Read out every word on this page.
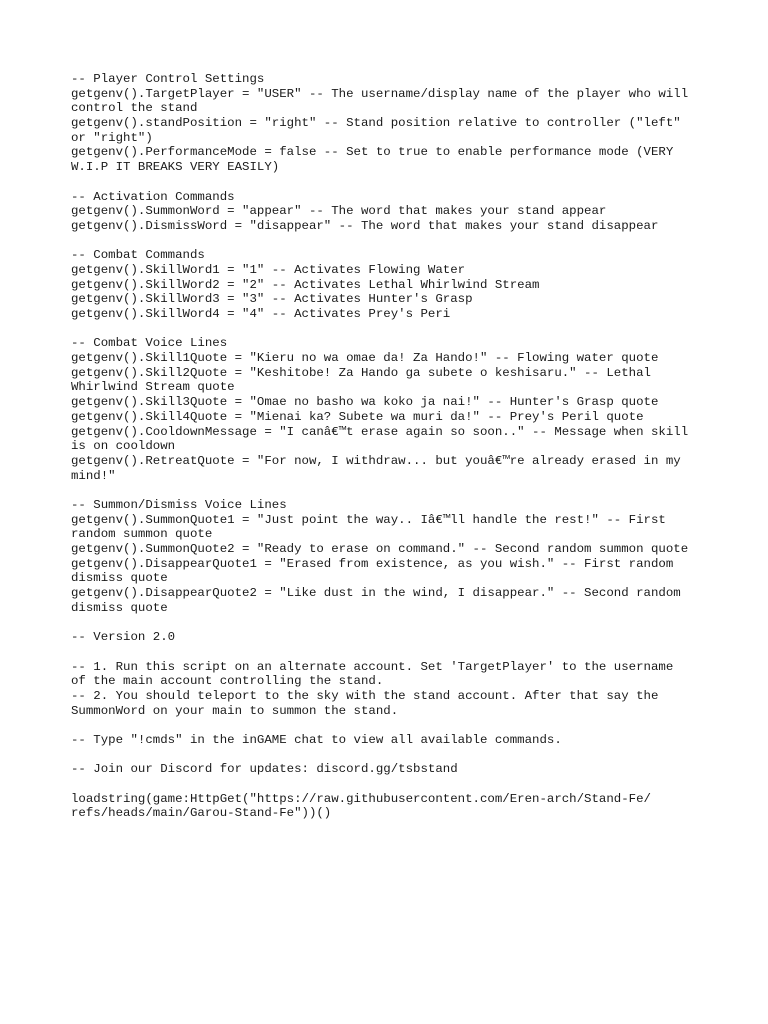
-- Player Control Settings
getgenv().TargetPlayer = "USER" -- The username/display name of the player who will
control the stand
getgenv().standPosition = "right" -- Stand position relative to controller ("left"
or "right")
getgenv().PerformanceMode = false -- Set to true to enable performance mode (VERY
W.I.P IT BREAKS VERY EASILY)
-- Activation Commands
getgenv().SummonWord = "appear" -- The word that makes your stand appear
getgenv().DismissWord = "disappear" -- The word that makes your stand disappear
-- Combat Commands
getgenv().SkillWord1 = "1" -- Activates Flowing Water
getgenv().SkillWord2 = "2" -- Activates Lethal Whirlwind Stream
getgenv().SkillWord3 = "3" -- Activates Hunter's Grasp
getgenv().SkillWord4 = "4" -- Activates Prey's Peri
-- Combat Voice Lines
getgenv().Skill1Quote = "Kieru no wa omae da! Za Hando!" -- Flowing water quote
getgenv().Skill2Quote = "Keshitobe! Za Hando ga subete o keshisaru." -- Lethal
Whirlwind Stream quote
getgenv().Skill3Quote = "Omae no basho wa koko ja nai!" -- Hunter's Grasp quote
getgenv().Skill4Quote = "Mienai ka? Subete wa muri da!" -- Prey's Peril quote
getgenv().CooldownMessage = "I canâ€™t erase again so soon.." -- Message when skill
is on cooldown
getgenv().RetreatQuote = "For now, I withdraw... but youâ€™re already erased in my
mind!"
-- Summon/Dismiss Voice Lines
getgenv().SummonQuote1 = "Just point the way.. Iâ€™ll handle the rest!" -- First
random summon quote
getgenv().SummonQuote2 = "Ready to erase on command." -- Second random summon quote
getgenv().DisappearQuote1 = "Erased from existence, as you wish." -- First random
dismiss quote
getgenv().DisappearQuote2 = "Like dust in the wind, I disappear." -- Second random
dismiss quote
-- Version 2.0
-- 1. Run this script on an alternate account. Set 'TargetPlayer' to the username
of the main account controlling the stand.
-- 2. You should teleport to the sky with the stand account. After that say the
SummonWord on your main to summon the stand.
-- Type "!cmds" in the inGAME chat to view all available commands.
-- Join our Discord for updates: discord.gg/tsbstand
loadstring(game:HttpGet("https://raw.githubusercontent.com/Eren-arch/Stand-Fe/
refs/heads/main/Garou-Stand-Fe"))()
